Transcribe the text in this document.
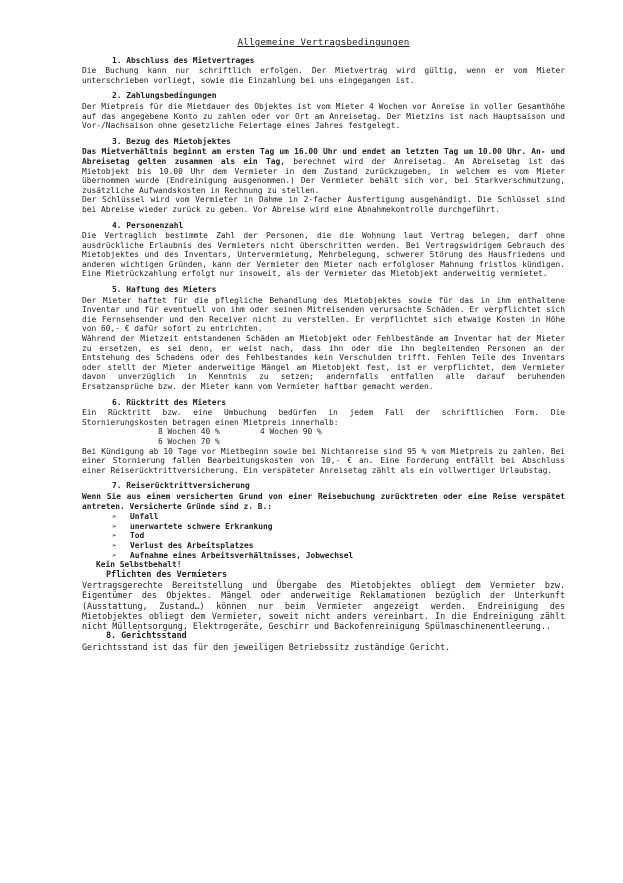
Allgemeine Vertragsbedingungen
1. Abschluss des Mietvertrages

Die Buchung kann nur schriftlich erfolgen. Der Mietvertrag wird gültig, wenn er vom Mieter unterschrieben vorliegt, sowie die Einzahlung bei uns eingegangen ist.

2. Zahlungsbedingungen

Der Mietpreis für die Mietdauer des Objektes ist vom Mieter 4 Wochen vor Anreise in voller Gesamthöhe auf das angegebene Konto zu zahlen oder vor Ort am Anreisetag. Der Mietzins ist nach Hauptsaison und Vor-/Nachsaison ohne gesetzliche Feiertage eines Jahres festgelegt.

3. Bezug des Mietobjektes

Das Mietverhältnis beginnt am ersten Tag um 16.00 Uhr und endet am letzten Tag um 10.00 Uhr. An- und Abreisetag gelten zusammen als ein Tag, berechnet wird der Anreisetag. Am Abreisetag ist das Mietobjekt bis 10.00 Uhr dem Vermieter in dem Zustand zurückzugeben, in welchem es vom Mieter übernommen wurde (Endreinigung ausgenommen.) Der Vermieter behält sich vor, bei Starkverschmutzung, zusätzliche Aufwandskosten in Rechnung zu stellen.

Der Schlüssel wird vom Vermieter in Dahme in 2-facher Ausfertigung ausgehändigt. Die Schlüssel sind bei Abreise wieder zurück zu geben. Vor Abreise wird eine Abnahmekontrolle durchgeführt.

4. Personenzahl

Die Vertraglich bestimmte Zahl der Personen, die die Wohnung laut Vertrag belegen, darf ohne ausdrückliche Erlaubnis des Vermieters nicht überschritten werden. Bei Vertragswidrigem Gebrauch des Mietobjektes und des Inventars, Untervermietung, Mehrbelegung, schwerer Störung des Hausfriedens und anderen wichtigen Gründen, kann der Vermieter den Mieter nach erfolgloser Mahnung fristlos kündigen. Eine Mietrückzahlung erfolgt nur insoweit, als der Vermieter das Mietobjekt anderweitig vermietet.

5. Haftung des Mieters

Der Mieter haftet für die pflegliche Behandlung des Mietobjektes sowie für das in ihm enthaltene Inventar und für eventuell von ihm oder seinen Mitreisenden verursachte Schäden. Er verpflichtet sich die Fernsehsender und den Receiver nicht zu verstellen. Er verpflichtet sich etwaige Kosten in Höhe von 60,- € dafür sofort zu entrichten.

Während der Mietzeit entstandenen Schäden am Mietobjekt oder Fehlbestände am Inventar hat der Mieter zu ersetzen, es sei denn, er weist nach, dass ihn oder die ihn begleitenden Personen an der Entstehung des Schadens oder des Fehlbestandes kein Verschulden trifft. Fehlen Teile des Inventars oder stellt der Mieter anderweitige Mängel am Mietobjekt fest, ist er verpflichtet, dem Vermieter davon unverzüglich in Kenntnis zu setzen; andernfalls entfallen alle darauf beruhenden Ersatzansprüche bzw. der Mieter kann vom Vermieter haftbar gemacht werden.

6. Rücktritt des Mieters

Ein Rücktritt bzw. eine Umbuchung bedürfen in jedem Fall der schriftlichen Form. Die Stornierungskosten betragen einen Mietpreis innerhalb:

8 Wochen 40 %	4 Wochen 90 %
6 Wochen 70 %

Bei Kündigung ab 10 Tage vor Mietbeginn sowie bei Nichtanreise sind 95 % vom Mietpreis zu zahlen. Bei einer Stornierung fallen Bearbeitungskosten von 10,- € an. Eine Forderung entfällt bei Abschluss einer Reiserücktrittversicherung. Ein verspäteter Anreisetag zählt als ein vollwertiger Urlaubstag.

7. Reiserücktrittversicherung

Wenn Sie aus einem versicherten Grund von einer Reisebuchung zurücktreten oder eine Reise verspätet antreten. Versicherte Gründe sind z. B.:

➢ Unfall
➢ unerwartete schwere Erkrankung
➢ Tod
➢ Verlust des Arbeitsplatzes
➢ Aufnahme eines Arbeitsverhältnisses, Jobwechsel
Kein Selbstbehalt!
Pflichten des Vermieters

Vertragsgerechte Bereitstellung und Übergabe des Mietobjektes obliegt dem Vermieter bzw. Eigentümer des Objektes. Mängel oder anderweitige Reklamationen bezüglich der Unterkunft (Ausstattung, Zustand…) können nur beim Vermieter angezeigt werden. Endreinigung des Mietobjektes obliegt dem Vermieter, soweit nicht anders vereinbart. In die Endreinigung zählt nicht Müllentsorgung, Elektrogeräte, Geschirr und Backofenreinigung Spülmaschinenentleerung..

8. Gerichtsstand

Gerichtsstand ist das für den jeweiligen Betriebssitz zuständige Gericht.
